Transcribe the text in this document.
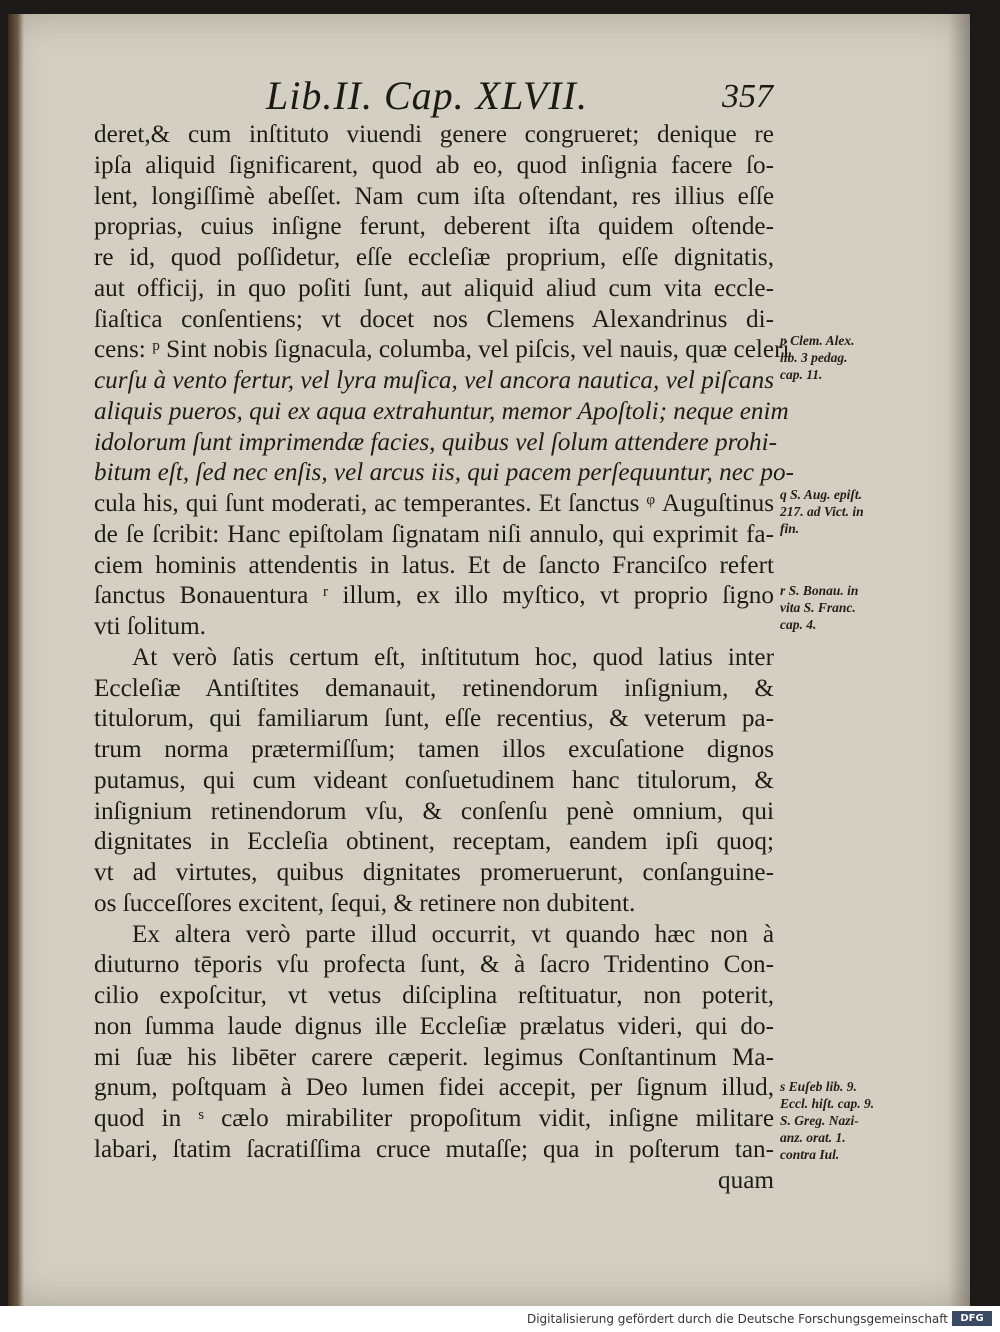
Lib.II. Cap. XLVII.	357
deret,& cum inſtituto viuendi genere congrueret; denique re
ipſa aliquid ſignificarent, quod ab eo, quod inſignia facere ſo-
lent, longiſſimè abeſſet. Nam cum iſta oſtendant, res illius eſſe
proprias, cuius inſigne ferunt, deberent iſta quidem oſtende-
re id, quod poſſidetur, eſſe eccleſiæ proprium, eſſe dignitatis,
aut officij, in quo poſiti ſunt, aut aliquid aliud cum vita eccle-
ſiaſtica conſentiens; vt docet nos Clemens Alexandrinus di-
cens: ᵖ Sint nobis ſignacula, columba, vel piſcis, vel nauis, quæ celeri
curſu à vento fertur, vel lyra muſica, vel ancora nautica, vel piſcans
aliquis pueros, qui ex aqua extrahuntur, memor Apoſtoli; neque enim
idolorum ſunt imprimendæ facies, quibus vel ſolum attendere prohi-
bitum eſt, ſed nec enſis, vel arcus iis, qui pacem perſequuntur, nec po-
cula his, qui ſunt moderati, ac temperantes. Et ſanctus ᵠ Auguſtinus
de ſe ſcribit: Hanc epiſtolam ſignatam niſi annulo, qui exprimit fa-
ciem hominis attendentis in latus. Et de ſancto Franciſco refert
ſanctus Bonauentura ʳ illum, ex illo myſtico, vt proprio ſigno
vti ſolitum.
At verò ſatis certum eſt, inſtitutum hoc, quod latius inter
Eccleſiæ Antiſtites demanauit, retinendorum inſignium, &
titulorum, qui familiarum ſunt, eſſe recentius, & veterum pa-
trum norma prætermiſſum; tamen illos excuſatione dignos
putamus, qui cum videant conſuetudinem hanc titulorum, &
inſignium retinendorum vſu, & conſenſu penè omnium, qui
dignitates in Eccleſia obtinent, receptam, eandem ipſi quoq;
vt ad virtutes, quibus dignitates promeruerunt, conſanguine-
os ſucceſſores excitent, ſequi, & retinere non dubitent.
Ex altera verò parte illud occurrit, vt quando hæc non à
diuturno tēporis vſu profecta ſunt, & à ſacro Tridentino Con-
cilio expoſcitur, vt vetus diſciplina reſtituatur, non poterit,
non ſumma laude dignus ille Eccleſiæ prælatus videri, qui do-
mi ſuæ his libēter carere cæperit. legimus Conſtantinum Ma-
gnum, poſtquam à Deo lumen fidei accepit, per ſignum illud,
quod in ˢ cælo mirabiliter propoſitum vidit, inſigne militare
labari, ſtatim ſacratiſſima cruce mutaſſe; qua in poſterum tan-
quam
p Clem. Alex.
lib. 3 pedag.
cap. 11.
q S. Aug. epiſt.
217. ad Vict. in
fin.
r S. Bonau. in
vita S. Franc.
cap. 4.
s Euſeb lib. 9.
Eccl. hiſt. cap. 9.
S. Greg. Nazi-
anz. orat. 1.
contra Iul.
Digitalisierung gefördert durch die Deutsche Forschungsgemeinschaft	DFG
